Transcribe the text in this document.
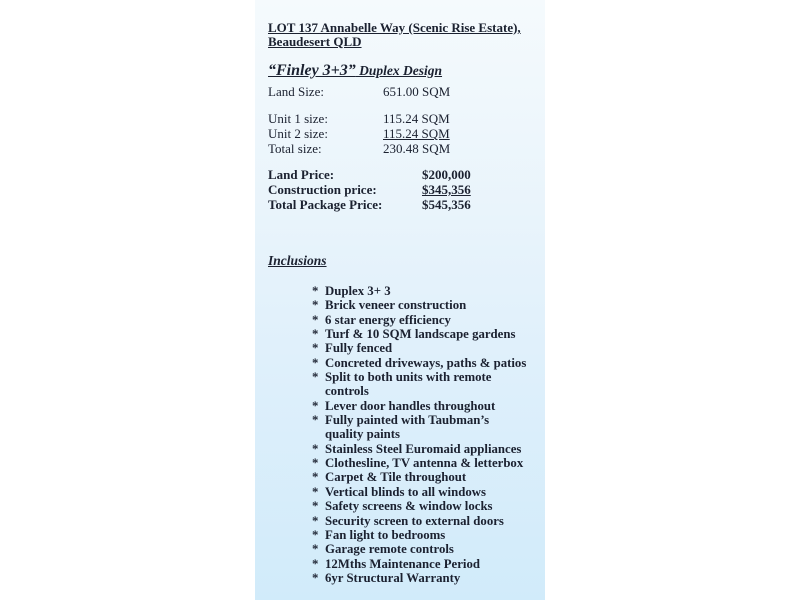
LOT 137 Annabelle Way (Scenic Rise Estate),
Beaudesert QLD
“Finley 3+3” Duplex Design
Land Size:	651.00 SQM
Unit 1 size:	115.24 SQM
Unit 2 size:	115.24 SQM
Total size:	230.48 SQM
Land Price:	$200,000
Construction price:	$345,356
Total Package Price:	$545,356
Inclusions
*Duplex 3+ 3
*Brick veneer construction
*6 star energy efficiency
*Turf & 10 SQM landscape gardens
*Fully fenced
*Concreted driveways, paths & patios
*Split to both units with remote
controls
*Lever door handles throughout
*Fully painted with Taubman’s
quality paints
*Stainless Steel Euromaid appliances
*Clothesline, TV antenna & letterbox
*Carpet & Tile throughout
*Vertical blinds to all windows
*Safety screens & window locks
*Security screen to external doors
*Fan light to bedrooms
*Garage remote controls
*12Mths Maintenance Period
*6yr Structural Warranty
